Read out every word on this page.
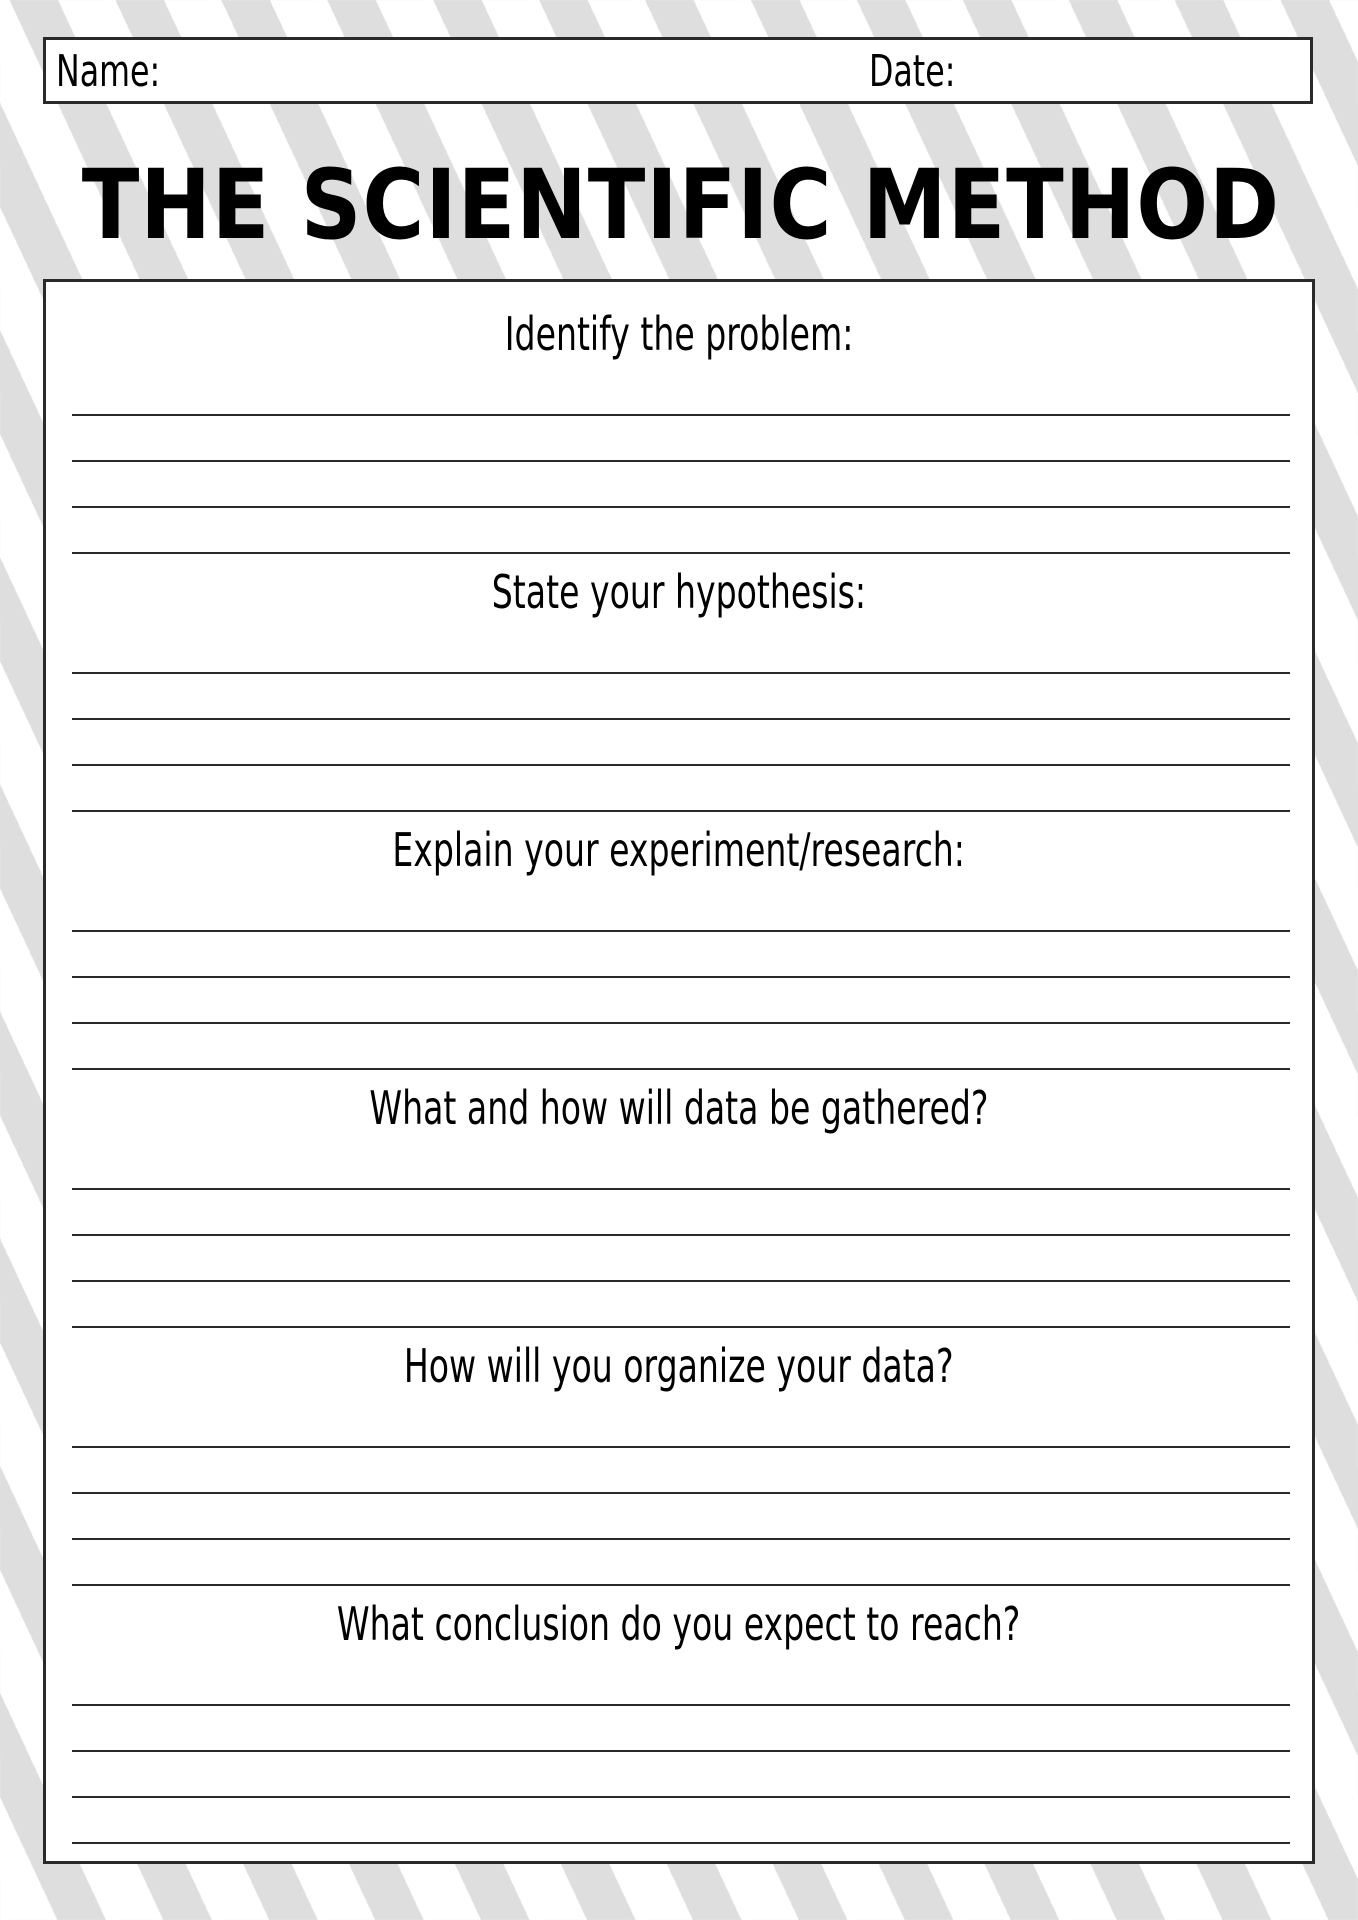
Name:	Date:
THE SCIENTIFIC METHOD
Identify the problem:
State your hypothesis:
Explain your experiment/research:
What and how will data be gathered?
How will you organize your data?
What conclusion do you expect to reach?
